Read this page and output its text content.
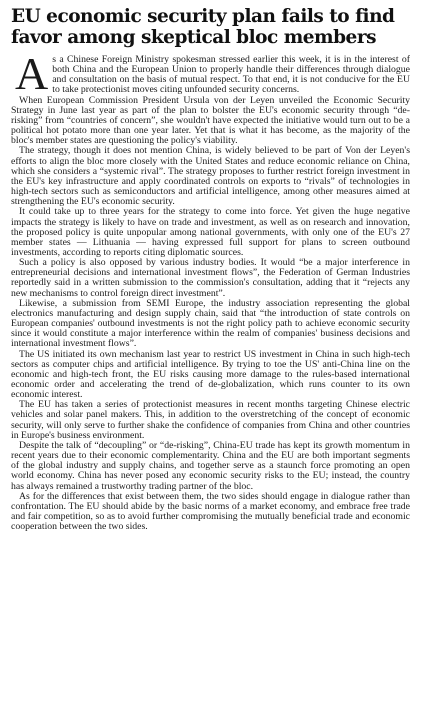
EU economic security plan fails to find favor among skeptical bloc members

As a Chinese Foreign Ministry spokesman stressed earlier this week, it is in the interest of both China and the European Union to properly handle their differences through dialogue and consultation on the basis of mutual respect. To that end, it is not conducive for the EU to take protectionist moves citing unfounded security concerns.

When European Commission President Ursula von der Leyen unveiled the Economic Security Strategy in June last year as part of the plan to bolster the EU's economic security through “de-risking” from “countries of concern”, she wouldn't have expected the initiative would turn out to be a political hot potato more than one year later. Yet that is what it has become, as the majority of the bloc's member states are questioning the policy's viability.

The strategy, though it does not mention China, is widely believed to be part of Von der Leyen's efforts to align the bloc more closely with the United States and reduce economic reliance on China, which she considers a “systemic rival”. The strategy proposes to further restrict foreign investment in the EU's key infrastructure and apply coordinated controls on exports to “rivals” of technologies in high-tech sectors such as semiconductors and artificial intelligence, among other measures aimed at strengthening the EU's economic security.

It could take up to three years for the strategy to come into force. Yet given the huge negative impacts the strategy is likely to have on trade and investment, as well as on research and innovation, the proposed policy is quite unpopular among national governments, with only one of the EU's 27 member states — Lithuania — having expressed full support for plans to screen outbound investments, according to reports citing diplomatic sources.

Such a policy is also opposed by various industry bodies. It would “be a major interference in entrepreneurial decisions and international investment flows”, the Federation of German Industries reportedly said in a written submission to the commission's consultation, adding that it “rejects any new mechanisms to control foreign direct investment”.

Likewise, a submission from SEMI Europe, the industry association representing the global electronics manufacturing and design supply chain, said that “the introduction of state controls on European companies' outbound investments is not the right policy path to achieve economic security since it would constitute a major interference within the realm of companies' business decisions and international investment flows”.

The US initiated its own mechanism last year to restrict US investment in China in such high-tech sectors as computer chips and artificial intelligence. By trying to toe the US' anti-China line on the economic and high-tech front, the EU risks causing more damage to the rules-based international economic order and accelerating the trend of de-globalization, which runs counter to its own economic interest.

The EU has taken a series of protectionist measures in recent months targeting Chinese electric vehicles and solar panel makers. This, in addition to the overstretching of the concept of economic security, will only serve to further shake the confidence of companies from China and other countries in Europe's business environment.

Despite the talk of “decoupling” or “de-risking”, China-EU trade has kept its growth momentum in recent years due to their economic complementarity. China and the EU are both important segments of the global industry and supply chains, and together serve as a staunch force promoting an open world economy. China has never posed any economic security risks to the EU; instead, the country has always remained a trustworthy trading partner of the bloc.

As for the differences that exist between them, the two sides should engage in dialogue rather than confrontation. The EU should abide by the basic norms of a market economy, and embrace free trade and fair competition, so as to avoid further compromising the mutually beneficial trade and economic cooperation between the two sides.
